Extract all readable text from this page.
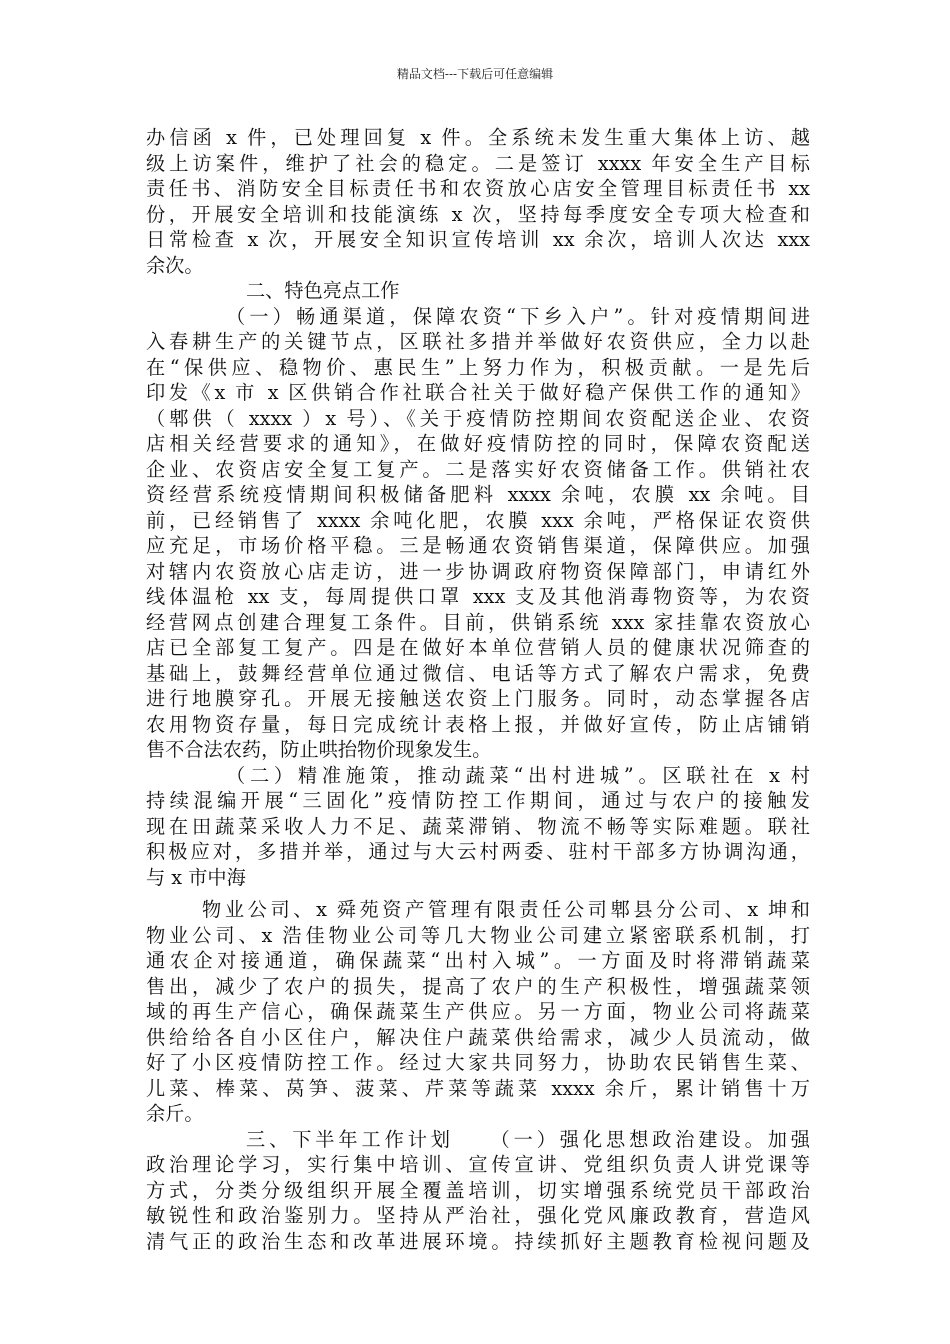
精品文档---下载后可任意编辑
办信函 x 件，已处理回复 x 件。全系统未发生重大集体上访、越
级上访案件，维护了社会的稳定。二是签订 xxxx 年安全生产目标
责任书、消防安全目标责任书和农资放心店安全管理目标责任书 xx
份，开展安全培训和技能演练 x 次，坚持每季度安全专项大检查和
日常检查 x 次，开展安全知识宣传培训 xx 余次，培训人次达 xxx
余次。
二、特色亮点工作
（一）畅通渠道，保障农资“下乡入户”。针对疫情期间进
入春耕生产的关键节点，区联社多措并举做好农资供应，全力以赴
在“保供应、稳物价、惠民生”上努力作为，积极贡献。一是先后
印发《x 市 x 区供销合作社联合社关于做好稳产保供工作的通知》
（郫供（ xxxx ）x 号）、《关于疫情防控期间农资配送企业、农资
店相关经营要求的通知》，在做好疫情防控的同时，保障农资配送
企业、农资店安全复工复产。二是落实好农资储备工作。供销社农
资经营系统疫情期间积极储备肥料 xxxx 余吨，农膜 xx 余吨。目
前，已经销售了 xxxx 余吨化肥，农膜 xxx 余吨，严格保证农资供
应充足，市场价格平稳。三是畅通农资销售渠道，保障供应。加强
对辖内农资放心店走访，进一步协调政府物资保障部门，申请红外
线体温枪 xx 支，每周提供口罩 xxx 支及其他消毒物资等，为农资
经营网点创建合理复工条件。目前，供销系统 xxx 家挂靠农资放心
店已全部复工复产。四是在做好本单位营销人员的健康状况筛查的
基础上，鼓舞经营单位通过微信、电话等方式了解农户需求，免费
进行地膜穿孔。开展无接触送农资上门服务。同时，动态掌握各店
农用物资存量，每日完成统计表格上报，并做好宣传，防止店铺销
售不合法农药，防止哄抬物价现象发生。
（二）精准施策，推动蔬菜“出村进城”。区联社在 x 村
持续混编开展“三固化”疫情防控工作期间，通过与农户的接触发
现在田蔬菜采收人力不足、蔬菜滞销、物流不畅等实际难题。联社
积极应对，多措并举，通过与大云村两委、驻村干部多方协调沟通，
与 x 市中海
物业公司、x 舜苑资产管理有限责任公司郫县分公司、x 坤和
物业公司、x 浩佳物业公司等几大物业公司建立紧密联系机制，打
通农企对接通道，确保蔬菜“出村入城”。一方面及时将滞销蔬菜
售出，减少了农户的损失，提高了农户的生产积极性，增强蔬菜领
域的再生产信心，确保蔬菜生产供应。另一方面，物业公司将蔬菜
供给给各自小区住户，解决住户蔬菜供给需求，减少人员流动，做
好了小区疫情防控工作。经过大家共同努力，协助农民销售生菜、
儿菜、棒菜、莴笋、菠菜、芹菜等蔬菜 xxxx 余斤，累计销售十万
余斤。
三、下半年工作计划　　（一）强化思想政治建设。加强
政治理论学习，实行集中培训、宣传宣讲、党组织负责人讲党课等
方式，分类分级组织开展全覆盖培训，切实增强系统党员干部政治
敏锐性和政治鉴别力。坚持从严治社，强化党风廉政教育，营造风
清气正的政治生态和改革进展环境。持续抓好主题教育检视问题及
